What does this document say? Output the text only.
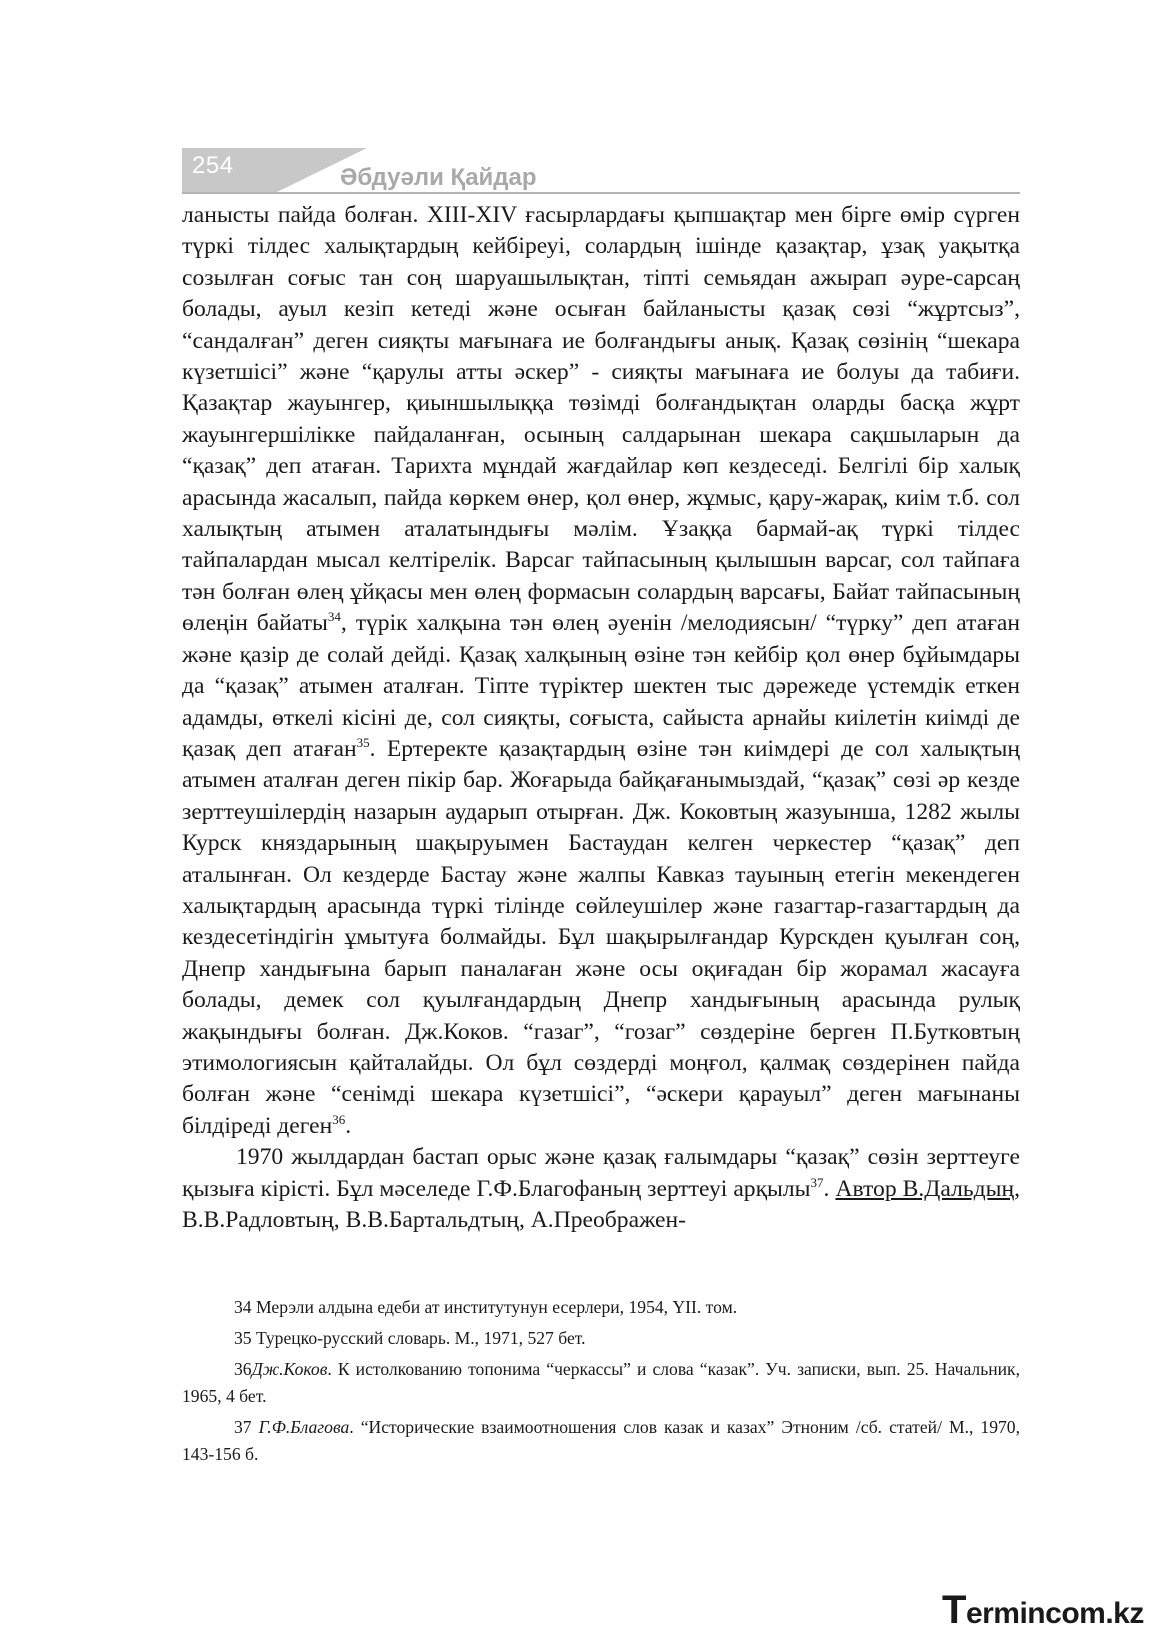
254	Әбдуәли Қайдар

ланысты пайда болған. XIII-XIV ғасырлардағы қыпшақтар мен бірге өмір сүрген түркі тілдес халықтардың кейбіреуі, солардың ішінде қазақтар, ұзақ уақытқа созылған соғыс тан соң шаруашылықтан, тіпті семьядан ажырап әуре-сарсаң болады, ауыл кезіп кетеді және осыған байланысты қазақ сөзі “жұртсыз”, “сандалған” деген сияқты мағынаға ие болғандығы анық. Қазақ сөзінің “шекара күзетшісі” және “қарулы атты әскер” - сияқты мағынаға ие болуы да табиғи. Қазақтар жауынгер, қиыншылыққа төзімді болғандықтан оларды басқа жұрт жауынгершілікке пайдаланған, осының салдарынан шекара сақшыларын да “қазақ” деп атаған. Тарихта мұндай жағдайлар көп кездеседі. Белгілі бір халық арасында жасалып, пайда көркем өнер, қол өнер, жұмыс, қару-жарақ, киім т.б. сол халықтың атымен аталатындығы мәлім. Ұзаққа бармай-ақ түркі тілдес тайпалардан мысал келтірелік. Варсаг тайпасының қылышын варсаг, сол тайпаға тән болған өлең ұйқасы мен өлең формасын солардың варсағы, Байат тайпасының өлеңін байаты$^{34}$, түрік халқына тән өлең әуенін /мелодиясын/ “түрку” деп атаған және қазір де солай дейді. Қазақ халқының өзіне тән кейбір қол өнер бұйымдары да “қазақ” атымен аталған. Тіпте түріктер шектен тыс дәрежеде үстемдік еткен адамды, өткелі кісіні де, сол сияқты, соғыста, сайыста арнайы киілетін киімді де қазақ деп атаған$^{35}$. Ертеректе қазақтардың өзіне тән киімдері де сол халықтың атымен аталған деген пікір бар. Жоғарыда байқағанымыздай, “қазақ” сөзі әр кезде зерттеушілердің назарын аударып отырған. Дж. Коковтың жазуынша, 1282 жылы Курск княздарының шақыруымен Бастаудан келген черкестер “қазақ” деп аталынған. Ол кездерде Бастау және жалпы Кавказ тауының етегін мекендеген халықтардың арасында түркі тілінде сөйлеушілер және газагтар-газагтардың да кездесетіндігін ұмытуға болмайды. Бұл шақырылғандар Курскден қуылған соң, Днепр хандығына барып паналаған және осы оқиғадан бір жорамал жасауға болады, демек сол қуылғандардың Днепр хандығының арасында рулық жақындығы болған. Дж.Коков. “газаг”, “гозаг” сөздеріне берген П.Бутковтың этимологиясын қайталайды. Ол бұл сөздерді моңғол, қалмақ сөздерінен пайда болған және “сенімді шекара күзетшісі”, “әскери қарауыл” деген мағынаны білдіреді деген$^{36}$.

1970 жылдардан бастап орыс және қазақ ғалымдары “қазақ” сөзін зерттеуге қызыға кірісті. Бұл мәселеде Г.Ф.Благофаның зерттеуі арқылы$^{37}$. Автор В.Дальдың, В.В.Радловтың, В.В.Бартальдтың, А.Преображен-

34 Мерэли алдына едеби ат институтунун есерлери, 1954, ҮІІ. том.

35 Турецко-русский словарь. М., 1971, 527 бет.

36Дж.Коков. К истолкованию топонима “черкассы” и слова “казак”. Уч. записки, вып. 25. Начальник, 1965, 4 бет.

37 Г.Ф.Благова. “Исторические взаимоотношения слов казак и казах” Этноним /сб. статей/ М., 1970, 143-156 б.

Termincom.kz
